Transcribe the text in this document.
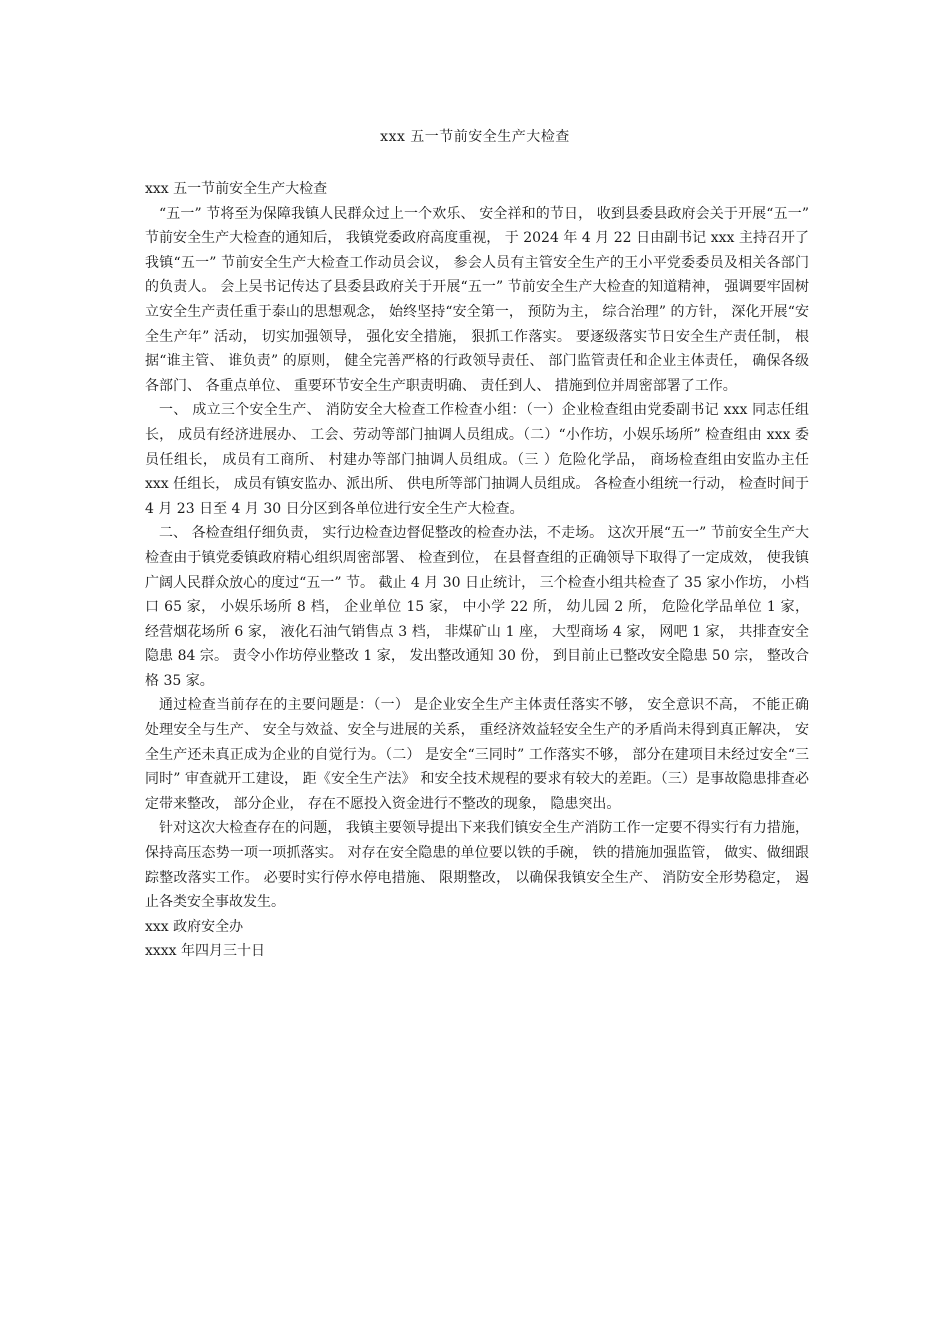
xxx 五一节前安全生产大检查

xxx 五一节前安全生产大检查

“五一” 节将至为保障我镇人民群众过上一个欢乐、 安全祥和的节日， 收到县委县政府会关于开展“五一” 节前安全生产大检查的通知后， 我镇党委政府高度重视， 于 2024 年 4 月 22 日由副书记 xxx 主持召开了我镇“五一” 节前安全生产大检查工作动员会议， 参会人员有主管安全生产的王小平党委委员及相关各部门的负责人。 会上吴书记传达了县委县政府关于开展“五一” 节前安全生产大检查的知道精神， 强调要牢固树立安全生产责任重于泰山的思想观念， 始终坚持“安全第一， 预防为主， 综合治理” 的方针， 深化开展“安全生产年” 活动， 切实加强领导， 强化安全措施， 狠抓工作落实。 要逐级落实节日安全生产责任制， 根据“谁主管、 谁负责” 的原则， 健全完善严格的行政领导责任、 部门监管责任和企业主体责任， 确保各级各部门、 各重点单位、 重要环节安全生产职责明确、 责任到人、 措施到位并周密部署了工作。

一、 成立三个安全生产、 消防安全大检查工作检查小组：（一）企业检查组由党委副书记 xxx 同志任组长， 成员有经济进展办、 工会、劳动等部门抽调人员组成。（二）“小作坊，小娱乐场所” 检查组由 xxx 委员任组长， 成员有工商所、 村建办等部门抽调人员组成。（三 ）危险化学品， 商场检查组由安监办主任 xxx 任组长， 成员有镇安监办、派出所、 供电所等部门抽调人员组成。 各检查小组统一行动， 检查时间于 4 月 23 日至 4 月 30 日分区到各单位进行安全生产大检查。

二、 各检查组仔细负责， 实行边检查边督促整改的检查办法，不走场。 这次开展“五一” 节前安全生产大检查由于镇党委镇政府精心组织周密部署、 检查到位， 在县督查组的正确领导下取得了一定成效， 使我镇广阔人民群众放心的度过“五一” 节。 截止 4 月 30 日止统计， 三个检查小组共检查了 35 家小作坊， 小档口 65 家， 小娱乐场所 8 档， 企业单位 15 家， 中小学 22 所， 幼儿园 2 所， 危险化学品单位 1 家， 经营烟花场所 6 家， 液化石油气销售点 3 档， 非煤矿山 1 座， 大型商场 4 家， 网吧 1 家， 共排查安全隐患 84 宗。 责令小作坊停业整改 1 家， 发出整改通知 30 份， 到目前止已整改安全隐患 50 宗， 整改合格 35 家。

通过检查当前存在的主要问题是：（一） 是企业安全生产主体责任落实不够， 安全意识不高， 不能正确处理安全与生产、 安全与效益、安全与进展的关系， 重经济效益轻安全生产的矛盾尚未得到真正解决， 安全生产还未真正成为企业的自觉行为。（二） 是安全“三同时” 工作落实不够， 部分在建项目未经过安全“三同时” 审查就开工建设， 距《安全生产法》 和安全技术规程的要求有较大的差距。（三）是事故隐患排查必定带来整改， 部分企业， 存在不愿投入资金进行不整改的现象， 隐患突出。

针对这次大检查存在的问题， 我镇主要领导提出下来我们镇安全生产消防工作一定要不得实行有力措施， 保持高压态势一项一项抓落实。 对存在安全隐患的单位要以铁的手碗， 铁的措施加强监管， 做实、做细跟踪整改落实工作。 必要时实行停水停电措施、 限期整改， 以确保我镇安全生产、 消防安全形势稳定， 遏止各类安全事故发生。

xxx 政府安全办

xxxx 年四月三十日
